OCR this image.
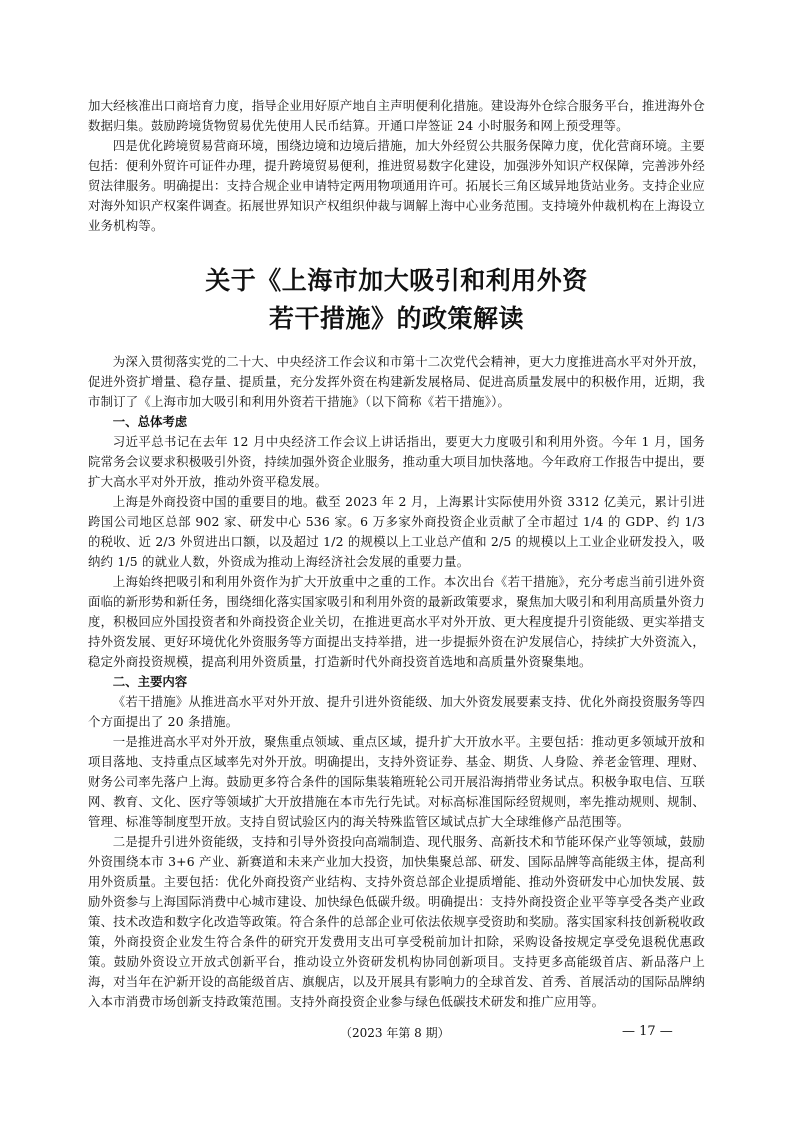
加大经核准出口商培育力度，指导企业用好原产地自主声明便利化措施。建设海外仓综合服务平台，推进海外仓数据归集。鼓励跨境货物贸易优先使用人民币结算。开通口岸签证 24 小时服务和网上预受理等。

四是优化跨境贸易营商环境，围绕边境和边境后措施，加大外经贸公共服务保障力度，优化营商环境。主要包括：便利外贸许可证件办理，提升跨境贸易便利，推进贸易数字化建设，加强涉外知识产权保障，完善涉外经贸法律服务。明确提出：支持合规企业申请特定两用物项通用许可。拓展长三角区域异地货站业务。支持企业应对海外知识产权案件调查。拓展世界知识产权组织仲裁与调解上海中心业务范围。支持境外仲裁机构在上海设立业务机构等。

关于《上海市加大吸引和利用外资
若干措施》的政策解读

为深入贯彻落实党的二十大、中央经济工作会议和市第十二次党代会精神，更大力度推进高水平对外开放，促进外资扩增量、稳存量、提质量，充分发挥外资在构建新发展格局、促进高质量发展中的积极作用，近期，我市制订了《上海市加大吸引和利用外资若干措施》（以下简称《若干措施》）。

一、总体考虑

习近平总书记在去年 12 月中央经济工作会议上讲话指出，要更大力度吸引和利用外资。今年 1 月，国务院常务会议要求积极吸引外资，持续加强外资企业服务，推动重大项目加快落地。今年政府工作报告中提出，要扩大高水平对外开放，推动外资平稳发展。

上海是外商投资中国的重要目的地。截至 2023 年 2 月，上海累计实际使用外资 3312 亿美元，累计引进跨国公司地区总部 902 家、研发中心 536 家。6 万多家外商投资企业贡献了全市超过 1/4 的 GDP、约 1/3 的税收、近 2/3 外贸进出口额，以及超过 1/2 的规模以上工业总产值和 2/5 的规模以上工业企业研发投入，吸纳约 1/5 的就业人数，外资成为推动上海经济社会发展的重要力量。

上海始终把吸引和利用外资作为扩大开放重中之重的工作。本次出台《若干措施》，充分考虑当前引进外资面临的新形势和新任务，围绕细化落实国家吸引和利用外资的最新政策要求，聚焦加大吸引和利用高质量外资力度，积极回应外国投资者和外商投资企业关切，在推进更高水平对外开放、更大程度提升引资能级、更实举措支持外资发展、更好环境优化外资服务等方面提出支持举措，进一步提振外资在沪发展信心，持续扩大外资流入，稳定外商投资规模，提高利用外资质量，打造新时代外商投资首选地和高质量外资聚集地。

二、主要内容

《若干措施》从推进高水平对外开放、提升引进外资能级、加大外资发展要素支持、优化外商投资服务等四个方面提出了 20 条措施。

一是推进高水平对外开放，聚焦重点领域、重点区域，提升扩大开放水平。主要包括：推动更多领域开放和项目落地、支持重点区域率先对外开放。明确提出，支持外资证券、基金、期货、人身险、养老金管理、理财、财务公司率先落户上海。鼓励更多符合条件的国际集装箱班轮公司开展沿海捎带业务试点。积极争取电信、互联网、教育、文化、医疗等领域扩大开放措施在本市先行先试。对标高标准国际经贸规则，率先推动规则、规制、管理、标准等制度型开放。支持自贸试验区内的海关特殊监管区域试点扩大全球维修产品范围等。

二是提升引进外资能级，支持和引导外资投向高端制造、现代服务、高新技术和节能环保产业等领域，鼓励外资围绕本市 3+6 产业、新赛道和未来产业加大投资，加快集聚总部、研发、国际品牌等高能级主体，提高利用外资质量。主要包括：优化外商投资产业结构、支持外资总部企业提质增能、推动外资研发中心加快发展、鼓励外资参与上海国际消费中心城市建设、加快绿色低碳升级。明确提出：支持外商投资企业平等享受各类产业政策、技术改造和数字化改造等政策。符合条件的总部企业可依法依规享受资助和奖励。落实国家科技创新税收政策，外商投资企业发生符合条件的研究开发费用支出可享受税前加计扣除，采购设备按规定享受免退税优惠政策。鼓励外资设立开放式创新平台，推动设立外资研发机构协同创新项目。支持更多高能级首店、新品落户上海，对当年在沪新开设的高能级首店、旗舰店，以及开展具有影响力的全球首发、首秀、首展活动的国际品牌纳入本市消费市场创新支持政策范围。支持外商投资企业参与绿色低碳技术研发和推广应用等。

（2023 年第 8 期）	— 17 —
